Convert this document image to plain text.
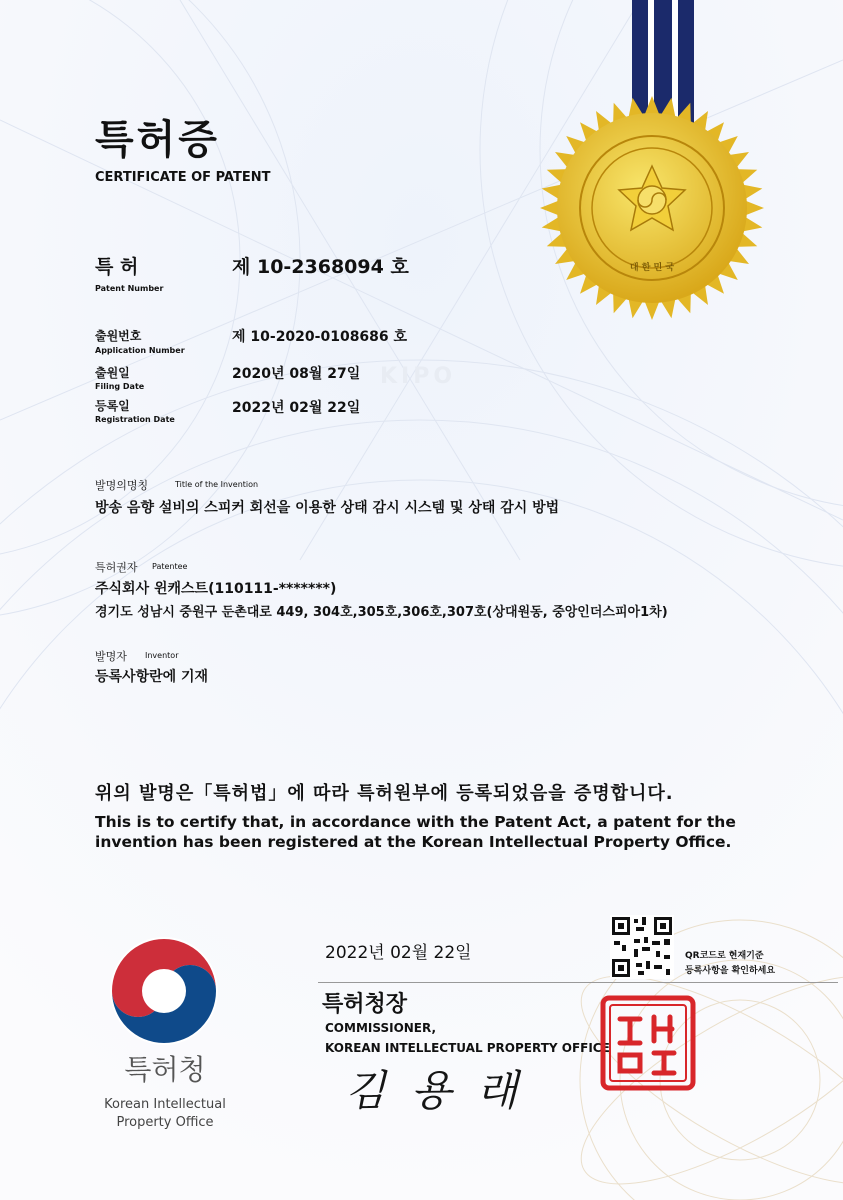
특허증
CERTIFICATE OF PATENT
대 한 민 국
특 허
Patent Number
제 10-2368094 호
출원번호
Application Number
제 10-2020-0108686 호
출원일
Filing Date
2020년 08월 27일
등록일
Registration Date
2022년 02월 22일
KIPO
발명의명칭	Title of the Invention
방송 음향 설비의 스피커 회선을 이용한 상태 감시 시스템 및 상태 감시 방법
특허권자 Patentee
주식회사 윈캐스트(110111-*******)
경기도 성남시 중원구 둔촌대로 449, 304호,305호,306호,307호(상대원동, 중앙인더스피아1차)
발명자 Inventor
등록사항란에 기재
위의 발명은「특허법」에 따라 특허원부에 등록되었음을 증명합니다.
This is to certify that, in accordance with the Patent Act, a patent for the invention has been registered at the Korean Intellectual Property Office.
2022년 02월 22일
특허청장
COMMISSIONER,
KOREAN INTELLECTUAL PROPERTY OFFICE
김 용 래
QR코드로 현재기준
등록사항을 확인하세요
특허청
Korean Intellectual
Property Office
